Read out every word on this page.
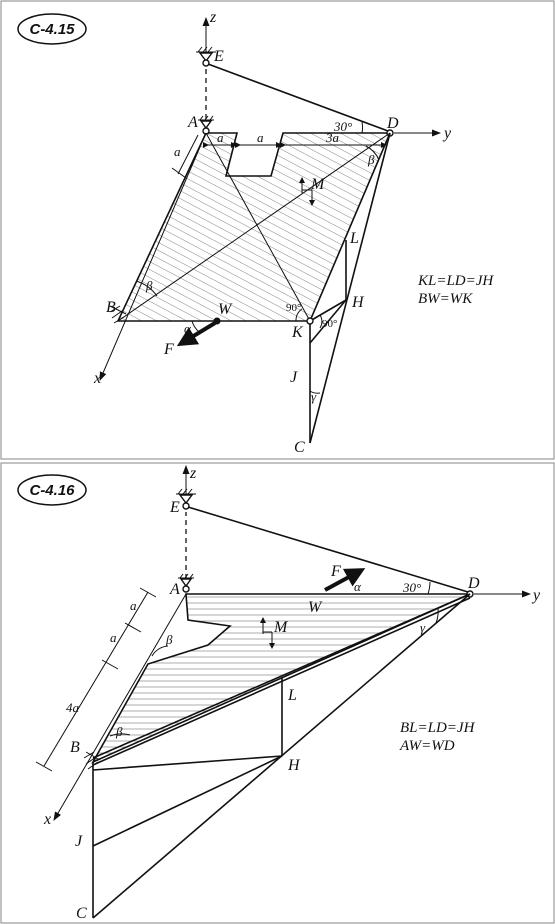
C-4.15
z
E
A
y
D
30°
a	a	3a
a
x
B
β
β
M
W
F
α
90°
90°
γ
K
L
H
J
C
KL=LD=JH
BW=WK
C-4.16
z
E
A	y
D
30°
F
α
W
M
x
a
a
4a
B
β
β
γ
L
H
J
C
BL=LD=JH
AW=WD
